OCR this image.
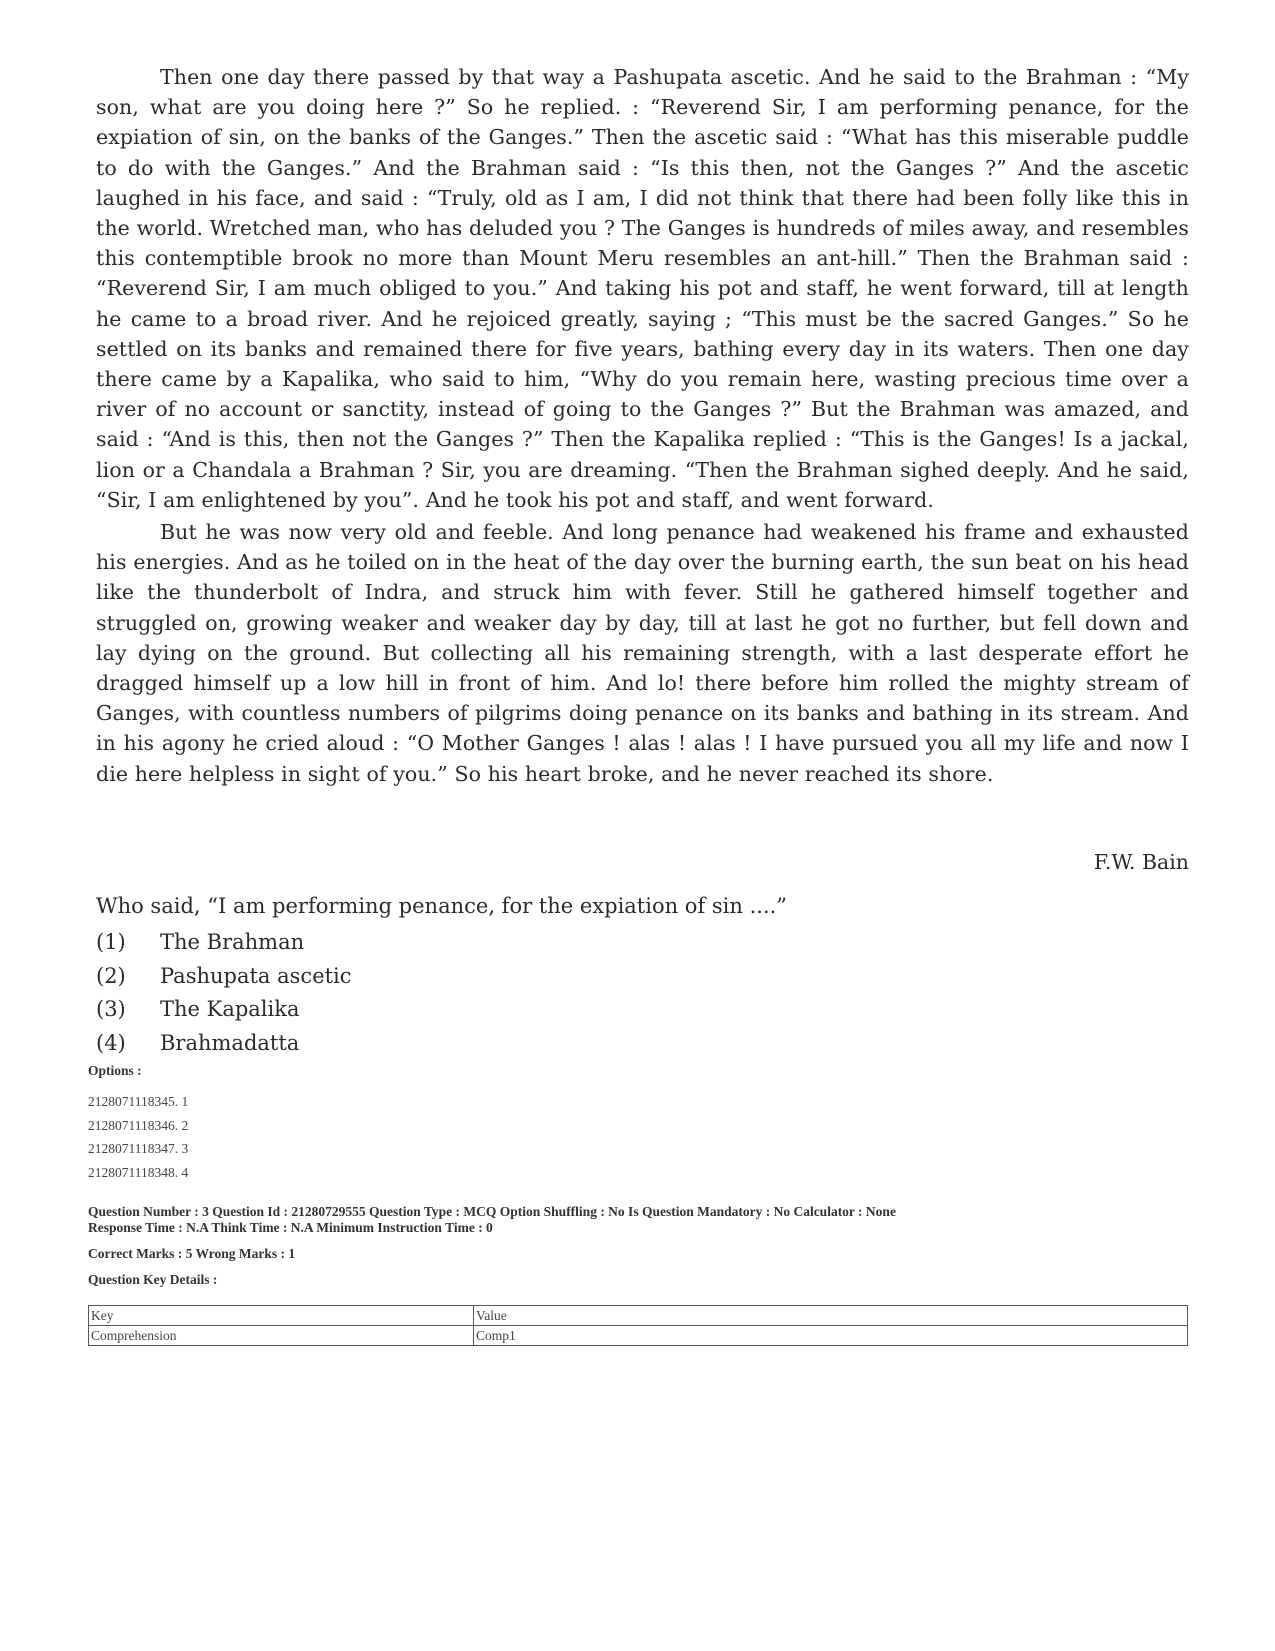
Then one day there passed by that way a Pashupata ascetic. And he said to the Brahman : “My son, what are you doing here ?” So he replied. : “Reverend Sir, I am performing penance, for the expiation of sin, on the banks of the Ganges.” Then the ascetic said : “What has this miserable puddle to do with the Ganges.” And the Brahman said : “Is this then, not the Ganges ?” And the ascetic laughed in his face, and said : “Truly, old as I am, I did not think that there had been folly like this in the world. Wretched man, who has deluded you ? The Ganges is hundreds of miles away, and resembles this contemptible brook no more than Mount Meru resembles an ant-hill.” Then the Brahman said : “Reverend Sir, I am much obliged to you.” And taking his pot and staff, he went forward, till at length he came to a broad river. And he rejoiced greatly, saying ; “This must be the sacred Ganges.” So he settled on its banks and remained there for five years, bathing every day in its waters. Then one day there came by a Kapalika, who said to him, “Why do you remain here, wasting precious time over a river of no account or sanctity, instead of going to the Ganges ?” But the Brahman was amazed, and said : “And is this, then not the Ganges ?” Then the Kapalika replied : “This is the Ganges! Is a jackal, lion or a Chandala a Brahman ? Sir, you are dreaming. “Then the Brahman sighed deeply. And he said, “Sir, I am enlightened by you”. And he took his pot and staff, and went forward.

But he was now very old and feeble. And long penance had weakened his frame and exhausted his energies. And as he toiled on in the heat of the day over the burning earth, the sun beat on his head like the thunderbolt of Indra, and struck him with fever. Still he gathered himself together and struggled on, growing weaker and weaker day by day, till at last he got no further, but fell down and lay dying on the ground. But collecting all his remaining strength, with a last desperate effort he dragged himself up a low hill in front of him. And lo! there before him rolled the mighty stream of Ganges, with countless numbers of pilgrims doing penance on its banks and bathing in its stream. And in his agony he cried aloud : “O Mother Ganges ! alas ! alas ! I have pursued you all my life and now I die here helpless in sight of you.” So his heart broke, and he never reached its shore.

F.W. Bain
Who said, “I am performing penance, for the expiation of sin ....”
(1) The Brahman
(2) Pashupata ascetic
(3) The Kapalika
(4) Brahmadatta
Options :
2128071118345. 1
2128071118346. 2
2128071118347. 3
2128071118348. 4
Question Number : 3 Question Id : 21280729555 Question Type : MCQ Option Shuffling : No Is Question Mandatory : No Calculator : None
Response Time : N.A Think Time : N.A Minimum Instruction Time : 0
Correct Marks : 5 Wrong Marks : 1
Question Key Details :
Key	Value
Comprehension	Comp1
